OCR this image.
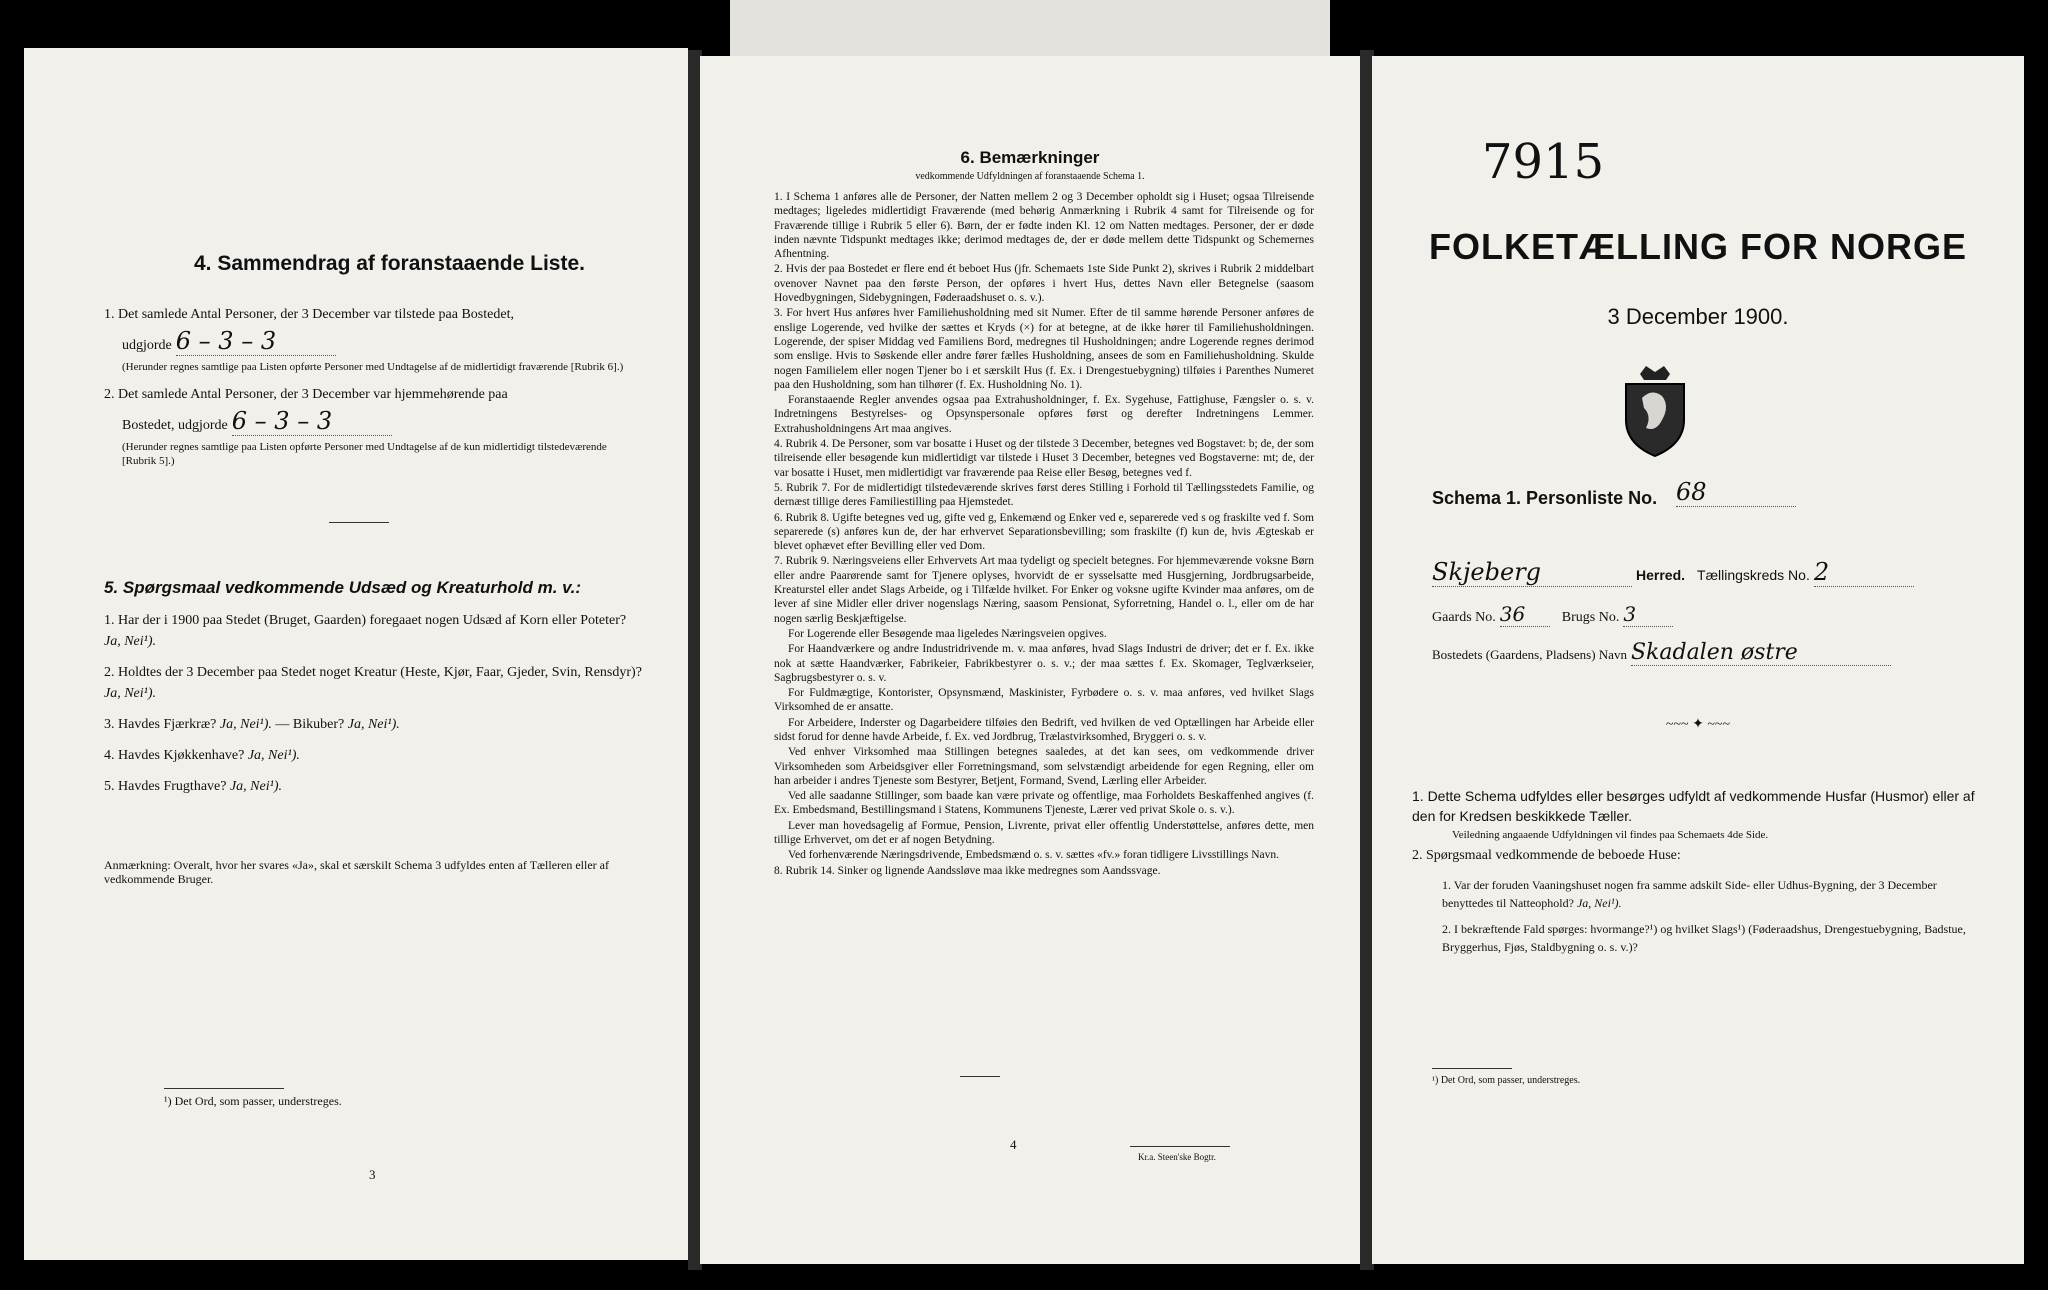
4. Sammendrag af foranstaaende Liste.
1. Det samlede Antal Personer, der 3 December var tilstede paa Bostedet,
udgjorde 6 – 3 – 3
(Herunder regnes samtlige paa Listen opførte Personer med Undtagelse af de midlertidigt fraværende [Rubrik 6].)
2. Det samlede Antal Personer, der 3 December var hjemmehørende paa
Bostedet, udgjorde 6 – 3 – 3
(Herunder regnes samtlige paa Listen opførte Personer med Undtagelse af de kun midlertidigt tilstedeværende [Rubrik 5].)
5. Spørgsmaal vedkommende Udsæd og Kreaturhold m. v.:
1. Har der i 1900 paa Stedet (Bruget, Gaarden) foregaaet nogen Udsæd af Korn eller Poteter? Ja, Nei¹).
2. Holdtes der 3 December paa Stedet noget Kreatur (Heste, Kjør, Faar, Gjeder, Svin, Rensdyr)? Ja, Nei¹).
3. Havdes Fjærkræ? Ja, Nei¹). — Bikuber? Ja, Nei¹).
4. Havdes Kjøkkenhave? Ja, Nei¹).
5. Havdes Frugthave? Ja, Nei¹).
Anmærkning: Overalt, hvor her svares «Ja», skal et særskilt Schema 3 udfyldes enten af Tælleren eller af vedkommende Bruger.
¹) Det Ord, som passer, understreges.
3
6. Bemærkninger
vedkommende Udfyldningen af foranstaaende Schema 1.

1. I Schema 1 anføres alle de Personer, der Natten mellem 2 og 3 December opholdt sig i Huset; ogsaa Tilreisende medtages; ligeledes midlertidigt Fraværende (med behørig Anmærkning i Rubrik 4 samt for Tilreisende og for Fraværende tillige i Rubrik 5 eller 6). Børn, der er fødte inden Kl. 12 om Natten medtages. Personer, der er døde inden nævnte Tidspunkt medtages ikke; derimod medtages de, der er døde mellem dette Tidspunkt og Schemernes Afhentning.

2. Hvis der paa Bostedet er flere end ét beboet Hus (jfr. Schemaets 1ste Side Punkt 2), skrives i Rubrik 2 middelbart ovenover Navnet paa den første Person, der opføres i hvert Hus, dettes Navn eller Betegnelse (saasom Hovedbygningen, Sidebygningen, Føderaadshuset o. s. v.).

3. For hvert Hus anføres hver Familiehusholdning med sit Numer. Efter de til samme hørende Personer anføres de enslige Logerende, ved hvilke der sættes et Kryds (×) for at betegne, at de ikke hører til Familiehusholdningen. Logerende, der spiser Middag ved Familiens Bord, medregnes til Husholdningen; andre Logerende regnes derimod som enslige. Hvis to Søskende eller andre fører fælles Husholdning, ansees de som en Familiehusholdning. Skulde nogen Familielem eller nogen Tjener bo i et særskilt Hus (f. Ex. i Drengestuebygning) tilføies i Parenthes Numeret paa den Husholdning, som han tilhører (f. Ex. Husholdning No. 1).

Foranstaaende Regler anvendes ogsaa paa Extrahusholdninger, f. Ex. Sygehuse, Fattighuse, Fængsler o. s. v. Indretningens Bestyrelses- og Opsynspersonale opføres først og derefter Indretningens Lemmer. Extrahusholdningens Art maa angives.

4. Rubrik 4. De Personer, som var bosatte i Huset og der tilstede 3 December, betegnes ved Bogstavet: b; de, der som tilreisende eller besøgende kun midlertidigt var tilstede i Huset 3 December, betegnes ved Bogstaverne: mt; de, der var bosatte i Huset, men midlertidigt var fraværende paa Reise eller Besøg, betegnes ved f.

5. Rubrik 7. For de midlertidigt tilstedeværende skrives først deres Stilling i Forhold til Tællingsstedets Familie, og dernæst tillige deres Familiestilling paa Hjemstedet.

6. Rubrik 8. Ugifte betegnes ved ug, gifte ved g, Enkemænd og Enker ved e, separerede ved s og fraskilte ved f. Som separerede (s) anføres kun de, der har erhvervet Separationsbevilling; som fraskilte (f) kun de, hvis Ægteskab er blevet ophævet efter Bevilling eller ved Dom.

7. Rubrik 9. Næringsveiens eller Erhvervets Art maa tydeligt og specielt betegnes. For hjemmeværende voksne Børn eller andre Paarørende samt for Tjenere oplyses, hvorvidt de er sysselsatte med Husgjerning, Jordbrugsarbeide, Kreaturstel eller andet Slags Arbeide, og i Tilfælde hvilket. For Enker og voksne ugifte Kvinder maa anføres, om de lever af sine Midler eller driver nogenslags Næring, saasom Pensionat, Syforretning, Handel o. l., eller om de har nogen særlig Beskjæftigelse.

For Logerende eller Besøgende maa ligeledes Næringsveien opgives.

For Haandværkere og andre Industridrivende m. v. maa anføres, hvad Slags Industri de driver; det er f. Ex. ikke nok at sætte Haandværker, Fabrikeier, Fabrikbestyrer o. s. v.; der maa sættes f. Ex. Skomager, Teglværkseier, Sagbrugsbestyrer o. s. v.

For Fuldmægtige, Kontorister, Opsynsmænd, Maskinister, Fyrbødere o. s. v. maa anføres, ved hvilket Slags Virksomhed de er ansatte.

For Arbeidere, Inderster og Dagarbeidere tilføies den Bedrift, ved hvilken de ved Optællingen har Arbeide eller sidst forud for denne havde Arbeide, f. Ex. ved Jordbrug, Trælastvirksomhed, Bryggeri o. s. v.

Ved enhver Virksomhed maa Stillingen betegnes saaledes, at det kan sees, om vedkommende driver Virksomheden som Arbeidsgiver eller Forretningsmand, som selvstændigt arbeidende for egen Regning, eller om han arbeider i andres Tjeneste som Bestyrer, Betjent, Formand, Svend, Lærling eller Arbeider.

Ved alle saadanne Stillinger, som baade kan være private og offentlige, maa Forholdets Beskaffenhed angives (f. Ex. Embedsmand, Bestillingsmand i Statens, Kommunens Tjeneste, Lærer ved privat Skole o. s. v.).

Lever man hovedsagelig af Formue, Pension, Livrente, privat eller offentlig Understøttelse, anføres dette, men tillige Erhvervet, om det er af nogen Betydning.

Ved forhenværende Næringsdrivende, Embedsmænd o. s. v. sættes «fv.» foran tidligere Livsstillings Navn.

8. Rubrik 14. Sinker og lignende Aandssløve maa ikke medregnes som Aandssvage.

4
Kr.a. Steen'ske Bogtr.
7915
FOLKETÆLLING FOR NORGE
3 December 1900.
Schema 1. Personliste No. 68
Skjeberg	Herred. Tællingskreds No. 2
Gaards No. 36	Brugs No. 3
Bostedets (Gaardens, Pladsens) Navn Skadalen østre
~~~ ✦ ~~~
1. Dette Schema udfyldes eller besørges udfyldt af vedkommende Husfar (Husmor) eller af den for Kredsen beskikkede Tæller.
Veiledning angaaende Udfyldningen vil findes paa Schemaets 4de Side.
2. Spørgsmaal vedkommende de beboede Huse:
1. Var der foruden Vaaningshuset nogen fra samme adskilt Side- eller Udhus-Bygning, der 3 December benyttedes til Natteophold? Ja, Nei¹).
2. I bekræftende Fald spørges: hvormange?¹) og hvilket Slags¹) (Føderaadshus, Drengestuebygning, Badstue, Bryggerhus, Fjøs, Staldbygning o. s. v.)?
¹) Det Ord, som passer, understreges.
